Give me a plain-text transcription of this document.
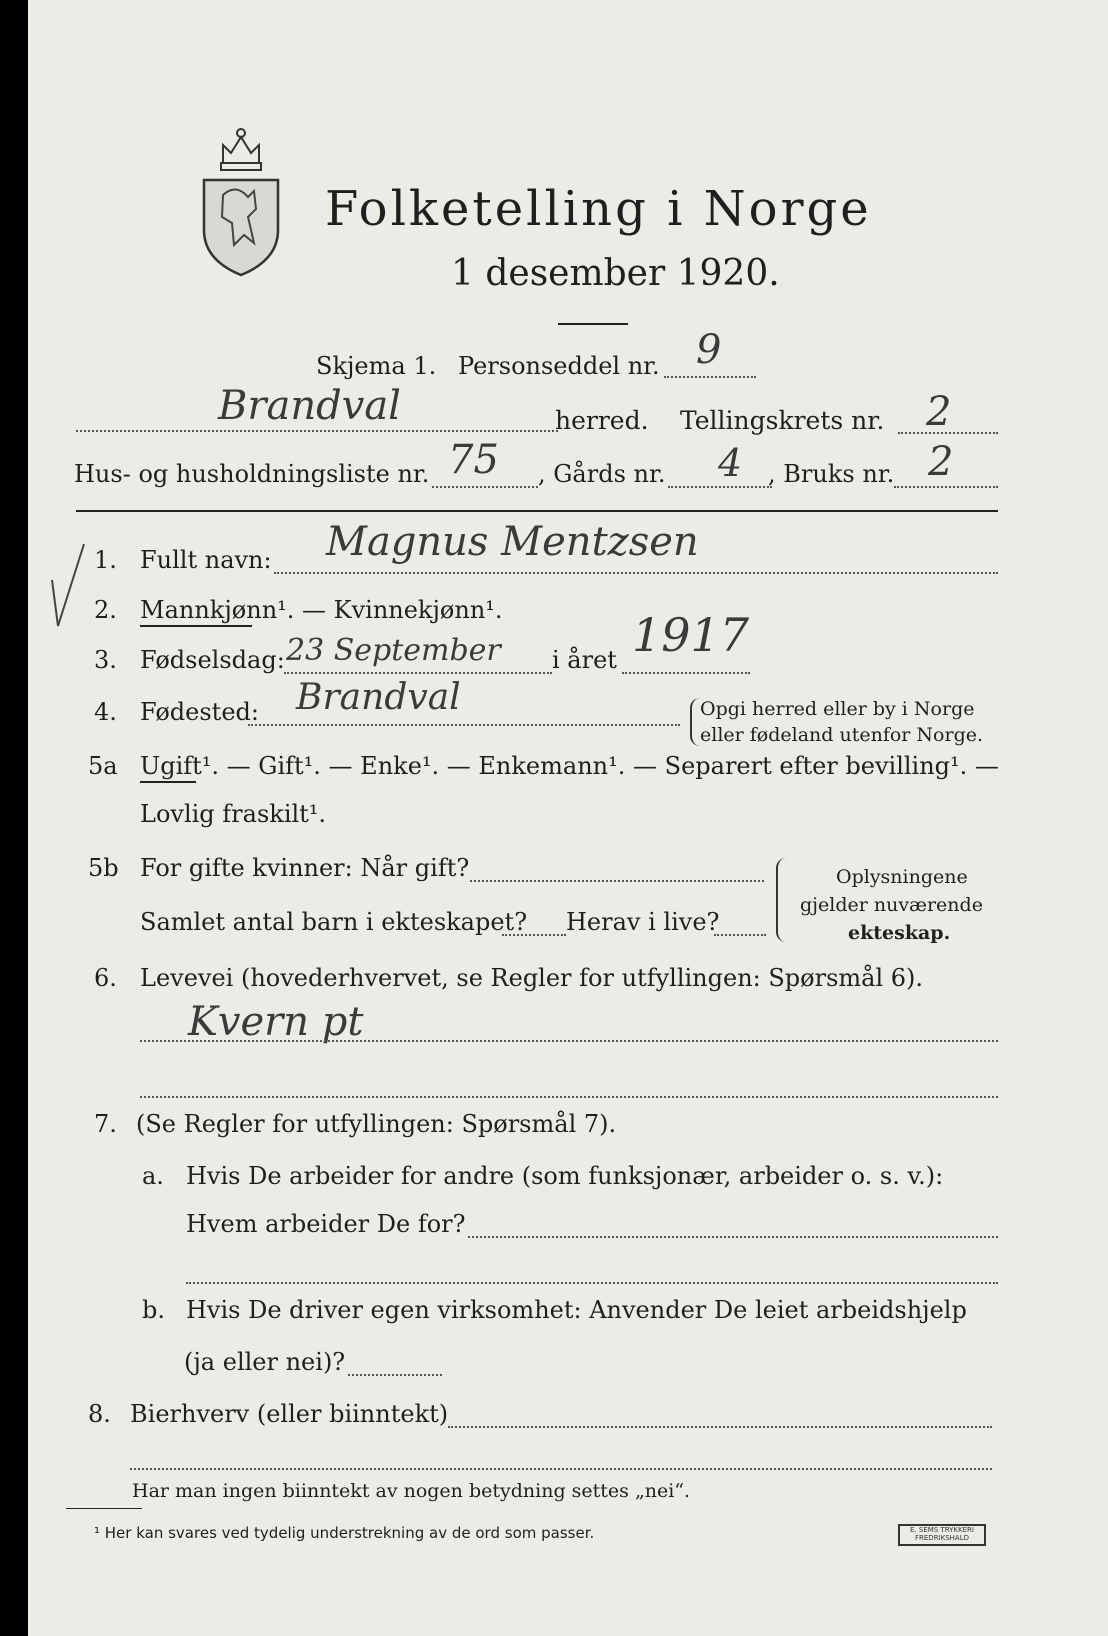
Folketelling i Norge
1 desember 1920.
Skjema 1. Personseddel nr. 9
Brandval	herred. Tellingskrets nr. 2
Hus- og husholdningsliste nr. 75 , Gårds nr. 4 , Bruks nr. 2
1. Fullt navn: Magnus Mentzsen
2. Mannkjønn¹. — Kvinnekjønn¹.
3. Fødselsdag: 23 September i året 1917
4. Fødested: Brandval	Opgi herred eller by i Norge
eller fødeland utenfor Norge.
5a Ugift¹. — Gift¹. — Enke¹. — Enkemann¹. — Separert efter bevilling¹. —
Lovlig fraskilt¹.
5b For gifte kvinner: Når gift?
Samlet antal barn i ekteskapet? Herav i live?
Oplysningene
gjelder nuværende
ekteskap.
6. Levevei (hovederhvervet, se Regler for utfyllingen: Spørsmål 6).
Kvern pt
7. (Se Regler for utfyllingen: Spørsmål 7).
a. Hvis De arbeider for andre (som funksjonær, arbeider o. s. v.):
Hvem arbeider De for?
b. Hvis De driver egen virksomhet: Anvender De leiet arbeidshjelp
(ja eller nei)?
8. Bierhverv (eller biinntekt)
Har man ingen biinntekt av nogen betydning settes „nei“.
¹ Her kan svares ved tydelig understrekning av de ord som passer.	E. SEMS TRYKKERI FREDRIKSHALD
